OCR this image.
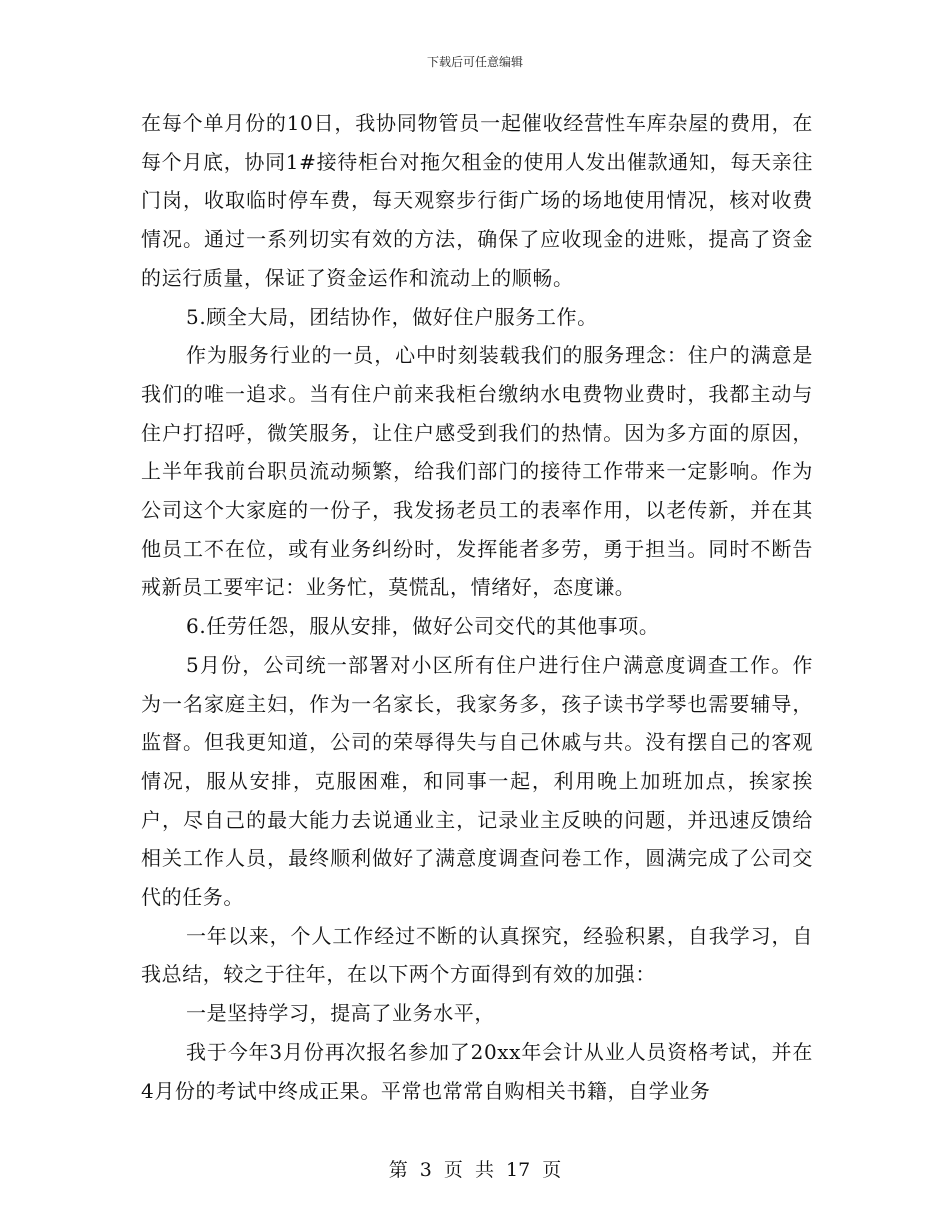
下载后可任意编辑

在每个单月份的10日，我协同物管员一起催收经营性车库杂屋的费用，在每个月底，协同1#接待柜台对拖欠租金的使用人发出催款通知，每天亲往门岗，收取临时停车费，每天观察步行街广场的场地使用情况，核对收费情况。通过一系列切实有效的方法，确保了应收现金的进账，提高了资金的运行质量，保证了资金运作和流动上的顺畅。

5.顾全大局，团结协作，做好住户服务工作。

作为服务行业的一员，心中时刻装载我们的服务理念：住户的满意是我们的唯一追求。当有住户前来我柜台缴纳水电费物业费时，我都主动与住户打招呼，微笑服务，让住户感受到我们的热情。因为多方面的原因，上半年我前台职员流动频繁，给我们部门的接待工作带来一定影响。作为公司这个大家庭的一份子，我发扬老员工的表率作用，以老传新，并在其他员工不在位，或有业务纠纷时，发挥能者多劳，勇于担当。同时不断告戒新员工要牢记：业务忙，莫慌乱，情绪好，态度谦。

6.任劳任怨，服从安排，做好公司交代的其他事项。

5月份，公司统一部署对小区所有住户进行住户满意度调查工作。作为一名家庭主妇，作为一名家长，我家务多，孩子读书学琴也需要辅导，监督。但我更知道，公司的荣辱得失与自己休戚与共。没有摆自己的客观情况，服从安排，克服困难，和同事一起，利用晚上加班加点，挨家挨户，尽自己的最大能力去说通业主，记录业主反映的问题，并迅速反馈给相关工作人员，最终顺利做好了满意度调查问卷工作，圆满完成了公司交代的任务。

一年以来，个人工作经过不断的认真探究，经验积累，自我学习，自我总结，较之于往年，在以下两个方面得到有效的加强：

一是坚持学习，提高了业务水平，

我于今年3月份再次报名参加了20xx年会计从业人员资格考试，并在4月份的考试中终成正果。平常也常常自购相关书籍，自学业务

第 3 页 共 17 页
